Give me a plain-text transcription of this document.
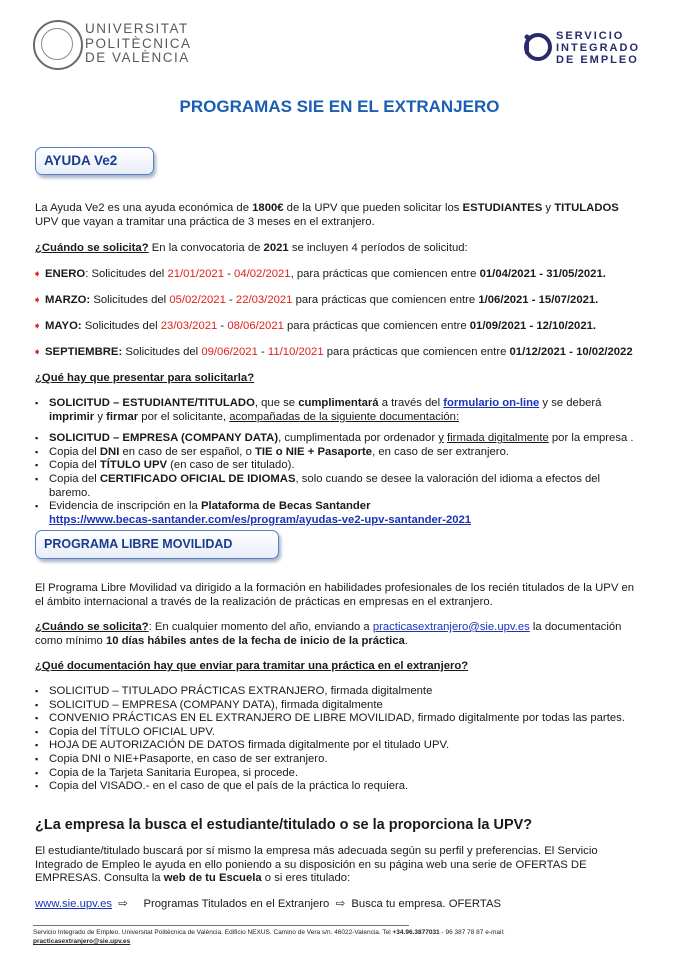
UNIVERSITAT
POLITÈCNICA
DE VALÈNCIA
SERVICIO
INTEGRADO
DE EMPLEO
PROGRAMAS SIE EN EL EXTRANJERO
AYUDA Ve2
La Ayuda Ve2 es una ayuda económica de 1800€ de la UPV que pueden solicitar los ESTUDIANTES y TITULADOS
UPV que vayan a tramitar una práctica de 3 meses en el extranjero.
¿Cuándo se solicita? En la convocatoria de 2021 se incluyen 4 períodos de solicitud:
➧ ENERO: Solicitudes del 21/01/2021 - 04/02/2021, para prácticas que comiencen entre 01/04/2021 - 31/05/2021.
➧ MARZO: Solicitudes del 05/02/2021 - 22/03/2021 para prácticas que comiencen entre 1/06/2021 - 15/07/2021.
➧ MAYO: Solicitudes del 23/03/2021 - 08/06/2021 para prácticas que comiencen entre 01/09/2021 - 12/10/2021.
➧ SEPTIEMBRE: Solicitudes del 09/06/2021 - 11/10/2021 para prácticas que comiencen entre 01/12/2021 - 10/02/2022
¿Qué hay que presentar para solicitarla?
▪ SOLICITUD – ESTUDIANTE/TITULADO, que se cumplimentará a través del formulario on-line y se deberá
imprimir y firmar por el solicitante, acompañadas de la siguiente documentación:
▪ SOLICITUD – EMPRESA (COMPANY DATA), cumplimentada por ordenador y firmada digitalmente por la empresa .
▪ Copia del DNI en caso de ser español, o TIE o NIE + Pasaporte, en caso de ser extranjero.
▪ Copia del TÍTULO UPV (en caso de ser titulado).
▪ Copia del CERTIFICADO OFICIAL DE IDIOMAS, solo cuando se desee la valoración del idioma a efectos del baremo.
▪ Evidencia de inscripción en la Plataforma de Becas Santander
https://www.becas-santander.com/es/program/ayudas-ve2-upv-santander-2021
PROGRAMA LIBRE MOVILIDAD
El Programa Libre Movilidad va dirigido a la formación en habilidades profesionales de los recién titulados de la UPV en el ámbito internacional a través de la realización de prácticas en empresas en el extranjero.
¿Cuándo se solicita?: En cualquier momento del año, enviando a practicasextranjero@sie.upv.es la documentación como mínimo 10 días hábiles antes de la fecha de inicio de la práctica.
¿Qué documentación hay que enviar para tramitar una práctica en el extranjero?
▪ SOLICITUD – TITULADO PRÁCTICAS EXTRANJERO, firmada digitalmente
▪ SOLICITUD – EMPRESA (COMPANY DATA), firmada digitalmente
▪ CONVENIO PRÁCTICAS EN EL EXTRANJERO DE LIBRE MOVILIDAD, firmado digitalmente por todas las partes.
▪ Copia del TÍTULO OFICIAL UPV.
▪ HOJA DE AUTORIZACIÓN DE DATOS firmada digitalmente por el titulado UPV.
▪ Copia DNI o NIE+Pasaporte, en caso de ser extranjero.
▪ Copia de la Tarjeta Sanitaria Europea, si procede.
▪ Copia del VISADO.- en el caso de que el país de la práctica lo requiera.
¿La empresa la busca el estudiante/titulado o se la proporciona la UPV?
El estudiante/titulado buscará por sí mismo la empresa más adecuada según su perfil y preferencias. El Servicio Integrado de Empleo le ayuda en ello poniendo a su disposición en su página web una serie de OFERTAS DE EMPRESAS. Consulta la web de tu Escuela o si eres titulado:
www.sie.upv.es  ⇨     Programas Titulados en el Extranjero  ⇨  Busca tu empresa. OFERTAS
Servicio Integrado de Empleo. Universitat Politècnica de València. Edificio NEXUS. Camino de Vera s/n. 46022-Valencia. Tel +34.96.3877031 - 96 387 78 87 e-mail:
practicasextranjero@sie.upv.es
